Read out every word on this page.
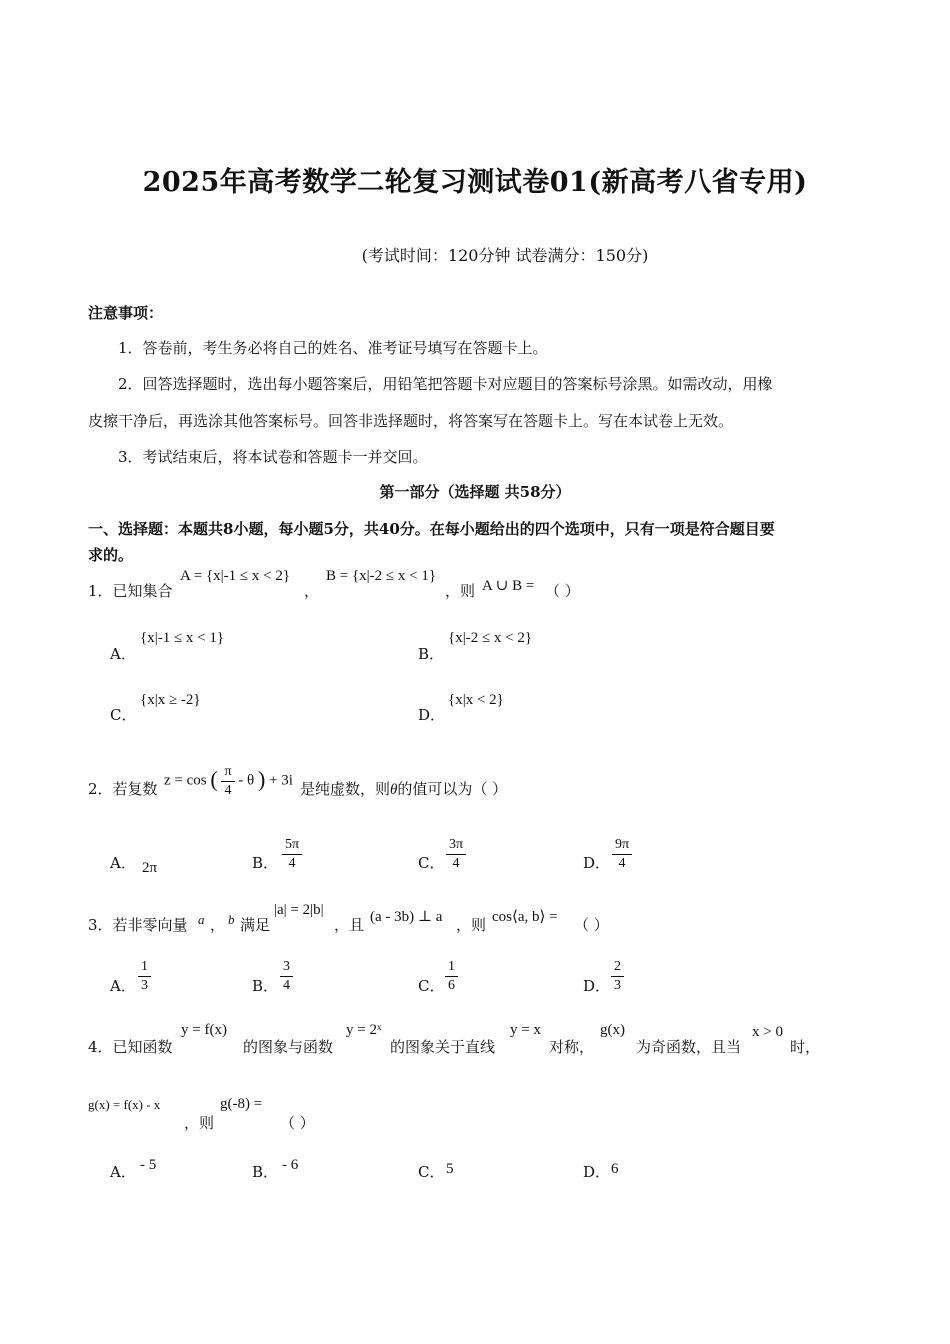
2025年高考数学二轮复习测试卷01(新高考八省专用)
(考试时间：120分钟 试卷满分：150分)
注意事项：
1．答卷前，考生务必将自己的姓名、准考证号填写在答题卡上。
2．回答选择题时，选出每小题答案后，用铅笔把答题卡对应题目的答案标号涂黑。如需改动，用橡
皮擦干净后，再选涂其他答案标号。回答非选择题时，将答案写在答题卡上。写在本试卷上无效。
3．考试结束后，将本试卷和答题卡一并交回。
第一部分（选择题 共58分）
一、选择题：本题共8小题，每小题5分，共40分。在每小题给出的四个选项中，只有一项是符合题目要
求的。
1．已知集合
A = {x|-1 ≤ x < 2}
，
B = {x|-2 ≤ x < 1}
，则 A ∪ B = （ ）
A．
{x|-1 ≤ x < 1}
B．
{x|-2 ≤ x < 2}
C．
{x|x ≥ -2}
D．
{x|x < 2}
2．若复数 z = cos ( $\frac{\pi}{4}$ - θ ) + 3i 是纯虚数，则θ的值可以为（ ）
A． 2π	B． $\frac{5\pi}{4}$	C． $\frac{3\pi}{4}$	D． $\frac{9\pi}{4}$
3．若非零向量 a ， b 满足
|a| = 2|b|
，且 (a - 3b) ⊥ a ，则 cos⟨a, b⟩ = （ ）
A． $\frac{1}{3}$	B． $\frac{3}{4}$	C． $\frac{1}{6}$	D． $\frac{2}{3}$
4．已知函数
y = f(x)
的图象与函数
y = 2ˣ
的图象关于直线
y = x
对称，
g(x)
为奇函数，且当
x > 0
时，
g(x) = f(x) - x
，则
g(-8) =
（ ）
A． - 5	B． - 6	C． 5	D． 6
